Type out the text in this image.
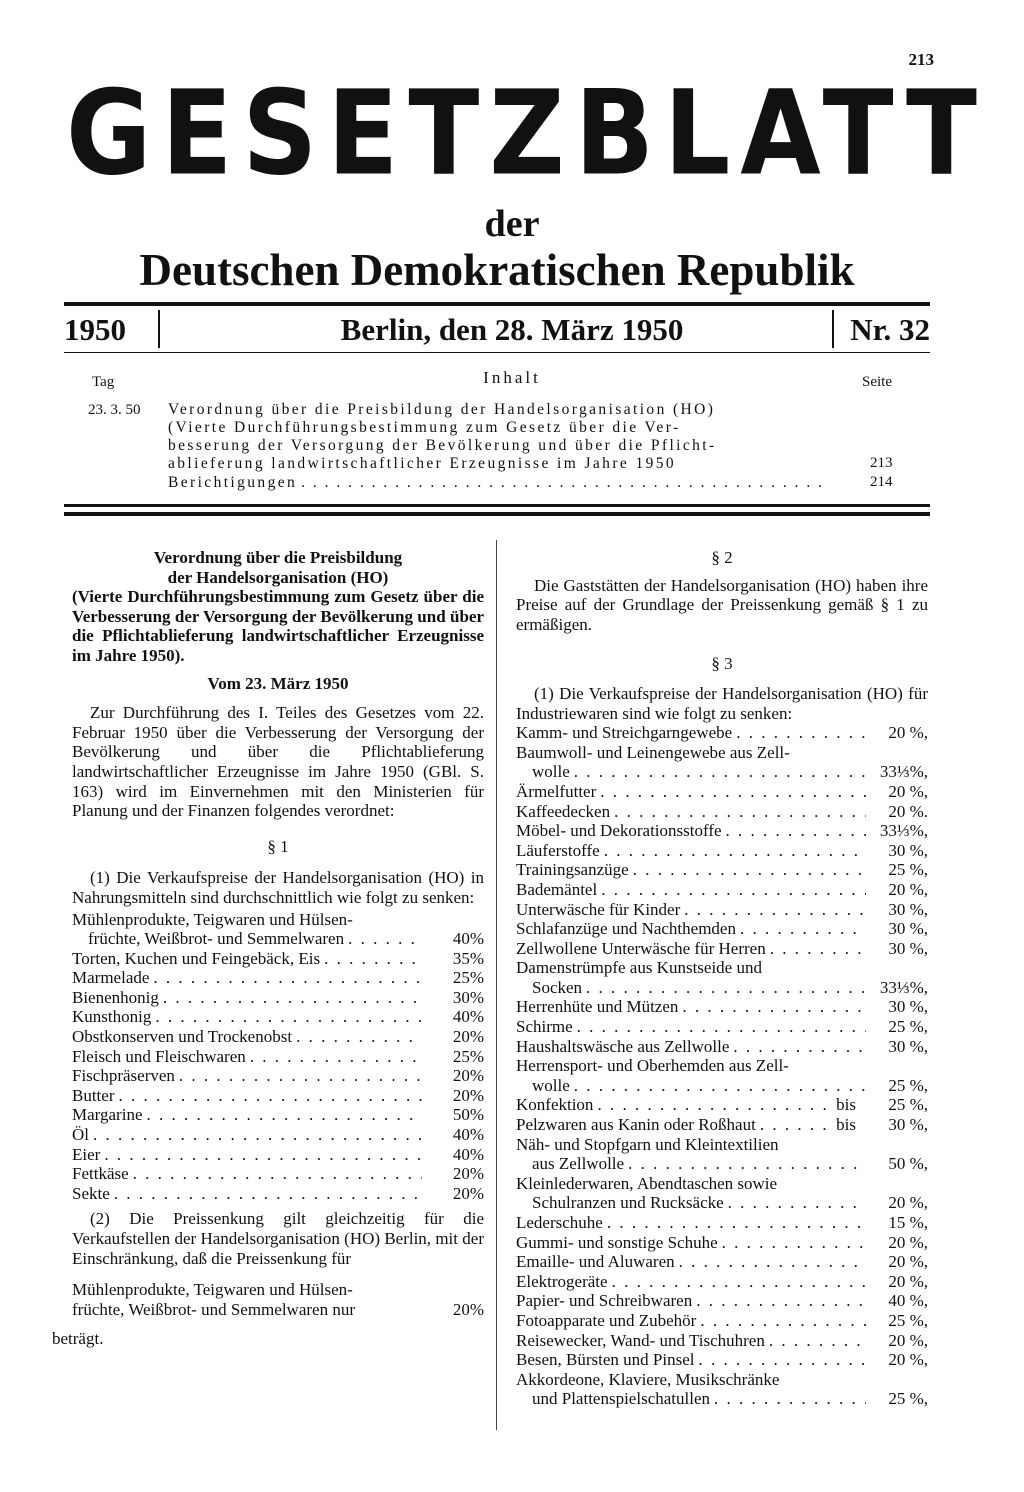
213
GESETZBLATT
der
Deutschen Demokratischen Republik
1950	Berlin, den 28. März 1950	Nr. 32
Tag	Inhalt	Seite
23. 3. 50 Verordnung über die Preisbildung der Handelsorganisation (HO)
(Vierte Durchführungsbestimmung zum Gesetz über die Ver-
besserung der Versorgung der Bevölkerung und über die Pflicht-
ablieferung landwirtschaftlicher Erzeugnisse im Jahre 1950	213
Berichtigungen . . .	214
Verordnung über die Preisbildung
der Handelsorganisation (HO)
(Vierte Durchführungsbestimmung zum Gesetz über die Verbesserung der Versorgung der Bevölkerung und über die Pflichtablieferung landwirtschaftlicher Erzeugnisse im Jahre 1950).
Vom 23. März 1950
Zur Durchführung des I. Teiles des Gesetzes vom 22. Februar 1950 über die Verbesserung der Versorgung der Bevölkerung und über die Pflichtablieferung landwirtschaftlicher Erzeugnisse im Jahre 1950 (GBl. S. 163) wird im Einvernehmen mit den Ministerien für Planung und der Finanzen folgendes verordnet:
§ 1
(1) Die Verkaufspreise der Handelsorganisation (HO) in Nahrungsmitteln sind durchschnittlich wie folgt zu senken:
Mühlenprodukte, Teigwaren und Hülsen-
früchte, Weißbrot- und Semmelwaren . . .	40%
Torten, Kuchen und Feingebäck, Eis . . .	35%
Marmelade . . .	25%
Bienenhonig . . .	30%
Kunsthonig . . .	40%
Obstkonserven und Trockenobst . . .	20%
Fleisch und Fleischwaren . . .	25%
Fischpräserven . . .	20%
Butter . . .	20%
Margarine . . .	50%
Öl . . .	40%
Eier . . .	40%
Fettkäse . . .	20%
Sekte . . .	20%
(2) Die Preissenkung gilt gleichzeitig für die Verkaufstellen der Handelsorganisation (HO) Berlin, mit der Einschränkung, daß die Preissenkung für
Mühlenprodukte, Teigwaren und Hülsen-
früchte, Weißbrot- und Semmelwaren nur	20%
beträgt.
§ 2
Die Gaststätten der Handelsorganisation (HO) haben ihre Preise auf der Grundlage der Preissenkung gemäß § 1 zu ermäßigen.
§ 3
(1) Die Verkaufspreise der Handelsorganisation (HO) für Industriewaren sind wie folgt zu senken:
Kamm- und Streichgarngewebe . . .	20 %,
Baumwoll- und Leinengewebe aus Zell-
wolle . . .	33⅓%,
Ärmelfutter . . .	20 %,
Kaffeedecken . . .	20 %.
Möbel- und Dekorationsstoffe . . .	33⅓%,
Läuferstoffe . . .	30 %,
Trainingsanzüge . . .	25 %,
Bademäntel . . .	20 %,
Unterwäsche für Kinder . . .	30 %,
Schlafanzüge und Nachthemden . . .	30 %,
Zellwollene Unterwäsche für Herren . . .	30 %,
Damenstrümpfe aus Kunstseide und
Socken . . .	33⅓%,
Herrenhüte und Mützen . . .	30 %,
Schirme . . .	25 %,
Haushaltswäsche aus Zellwolle . . .	30 %,
Herrensport- und Oberhemden aus Zell-
wolle . . .	25 %,
Konfektion . . .	bis	25 %,
Pelzwaren aus Kanin oder Roßhaut . . .	bis	30 %,
Näh- und Stopfgarn und Kleintextilien
aus Zellwolle . . .	50 %,
Kleinlederwaren, Abendtaschen sowie
Schulranzen und Rucksäcke . . .	20 %,
Lederschuhe . . .	15 %,
Gummi- und sonstige Schuhe . . .	20 %,
Emaille- und Aluwaren . . .	20 %,
Elektrogeräte . . .	20 %,
Papier- und Schreibwaren . . .	40 %,
Fotoapparate und Zubehör . . .	25 %,
Reisewecker, Wand- und Tischuhren . . .	20 %,
Besen, Bürsten und Pinsel . . .	20 %,
Akkordeone, Klaviere, Musikschränke
und Plattenspielschatullen . . .	25 %,
